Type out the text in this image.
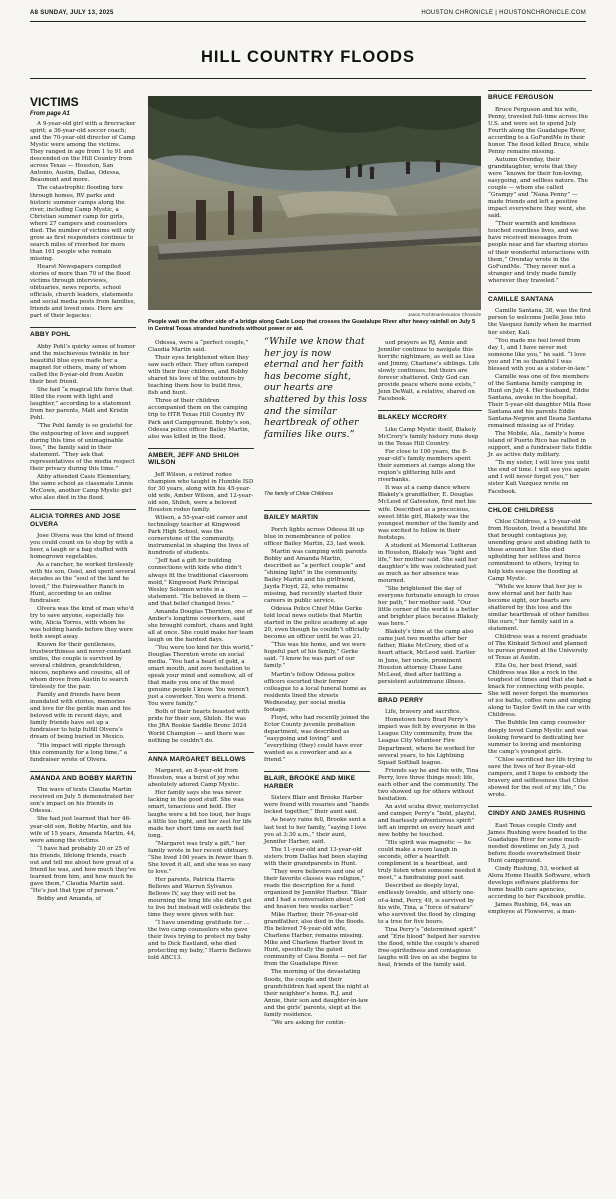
A8 SUNDAY, JULY 13, 2025	HOUSTON CHRONICLE | HOUSTONCHRONICLE.COM
HILL COUNTRY FLOODS
Jason Fochtman/Houston Chronicle
People wait on the other side of a bridge along Cade Loop that crosses the Guadalupe River after heavy rainfall on July 5 in Central Texas stranded hundreds without power or aid.
VICTIMS
From page A1

A 9-year-old girl with a firecracker spirit; a 36-year-old soccer coach; and the 70-year-old director of Camp Mystic were among the victims. They ranged in age from 1 to 91 and descended on the Hill Country from across Texas — Houston, San Antonio, Austin, Dallas, Odessa, Beaumont and more.

The catastrophic flooding tore through homes, RV parks and historic summer camps along the river, including Camp Mystic, a Christian summer camp for girls, where 27 campers and counselors died. The number of victims will only grow as first responders continue to search miles of riverbed for more than 161 people who remain missing.

Hearst Newspapers compiled stories of more than 70 of the flood victims through interviews, obituaries, news reports, school officials, church leaders, statements and social media posts from families, friends and loved ones. Here are part of their legacies:

ABBY POHL

Abby Pohl’s quirky sense of humor and the mischievous twinkle in her beautiful blue eyes made her a magnet for others, many of whom called the 8-year-old from Austin their best friend.

She had “a magical life force that filled the room with light and laughter,” according to a statement from her parents, Matt and Kristin Pohl.

“The Pohl family is so grateful for the outpouring of love and support during this time of unimaginable loss,” the family said in their statement. “They ask that representatives of the media respect their privacy during this time.”

Abby attended Casis Elementary, the same school as classmate Linnie McCown, another Camp Mystic girl who also died in the flood.

ALICIA TORRES AND JOSE OLVERA

Jose Olvera was the kind of friend you could count on to stop by with a beer, a laugh or a bag stuffed with homegrown vegetables.

As a rancher, he worked tirelessly with his son, Osiel, and spent several decades as the “soul of the land he loved,” the Fairweather Ranch in Hunt, according to an online fundraiser.

Olvera was the kind of man who’d try to save anyone, especially his wife, Alicia Torres, with whom he was holding hands before they were both swept away.

Known for their gentleness, trustworthiness and never-constant smiles, the couple is survived by several children, grandchildren, nieces, nephews and cousins, all of whom drove from Austin to search tirelessly for the pair.

Family and friends have been inundated with stories, memories and love for the gentle man and his beloved wife in recent days, and family friends have set up a fundraiser to help fulfill Olvera’s dream of being buried in Mexico.

“His impact will ripple through this community for a long time,” a fundraiser wrote of Olvera.

AMANDA AND BOBBY MARTIN

The wave of texts Claudia Martin received on July 5 demonstrated her son’s impact on his friends in Odessa.

She had just learned that her 46-year-old son, Bobby Martin, and his wife of 15 years, Amanda Martin, 44, were among the victims.

“I have had probably 20 or 25 of his friends, lifelong friends, reach out and tell me about how great of a friend he was, and how much they’ve learned from him, and how much he gave them,” Claudia Martin said. “He’s just that type of person.”

Bobby and Amanda, of

Odessa, were a “perfect couple,” Claudia Martin said.

Their eyes brightened when they saw each other. They often camped with their four children, and Bobby shared his love of the outdoors by teaching them how to build fires, fish and hunt.

Three of their children accompanied them on the camping trip to HTR Texas Hill Country RV Park and Campground. Bobby’s son, Odessa police officer Bailey Martin, also was killed in the flood.

AMBER, JEFF AND SHILOH WILSON

Jeff Wilson, a retired rodeo champion who taught in Humble ISD for 30 years, along with his 45-year-old wife, Amber Wilson, and 12-year-old son, Shiloh, were a beloved Houston rodeo family.

Wilson, a 55-year-old career and technology teacher at Kingwood Park High School, was the cornerstone of the community, instrumental in shaping the lives of hundreds of students.

“Jeff had a gift for building connections with kids who didn’t always fit the traditional classroom mold,” Kingwood Park Principal Wesley Solomon wrote in a statement. “He believed in them — and that belief changed lives.”

Amanda Douglas Thornton, one of Amber’s longtime coworkers, said she brought comfort, chaos and light all at once. She could make her team laugh on the hardest days.

“You were too kind for this world,” Douglas Thornton wrote on social media. “You had a heart of gold, a smart mouth, and zero hesitation to speak your mind and somehow, all of that made you one of the most genuine people I know. You weren’t just a coworker. You were a friend. You were family.”

Both of their hearts boasted with pride for their son, Shiloh. He was the JRA Rookie Saddle Bronc 2024 World Champion — and there was nothing he couldn’t do.

ANNA MARGARET BELLOWS

Margaret, an 8-year-old from Houston, was a burst of joy who absolutely adored Camp Mystic.

Her family says she was never lacking in the good stuff. She was smart, tenacious and bold. Her laughs were a bit too loud, her hugs a little too tight, and her zest for life made her short time on earth feel long.

“Margaret was truly a gift,” her family wrote in her recent obituary. “She lived 100 years in fewer than 9. She loved it all, and she was so easy to love.”

Her parents, Patricia Harris Bellows and Warren Sylvanus Bellows IV, say they will not be mourning the long life she didn’t get to live but instead will celebrate the time they were given with her.

“I have unending gratitude for … the two camp counselors who gave their lives trying to protect my baby and to Dick Eastland, who died protecting my baby,” Harris Bellows told ABC13.

“While we know that her joy is now eternal and her faith has become sight, our hearts are shattered by this loss and the similar heartbreak of other families like ours.”
The family of Chloe Childress
BAILEY MARTIN

Porch lights across Odessa lit up blue in remembrance of police officer Bailey Martin, 23, last week.

Martin was camping with parents Bobby and Amanda Martin, described as “a perfect couple” and “shining light” in the community. Bailey Martin and his girlfriend, Jayda Floyd, 22, who remains missing, had recently started their careers in public service.

Odessa Police Chief Mike Gerke told local news outlets that Martin started in the police academy at age 20, even though he couldn’t officially become an officer until he was 21.

“This was his home, and we were hopeful part of his family,” Gerke said. “I know he was part of our family.”

Martin’s fellow Odessa police officers escorted their former colleague to a local funeral home as residents lined the streets Wednesday, per social media footage.

Floyd, who had recently joined the Ector County juvenile probation department, was described as “easygoing and loving” and “everything (they) could have ever wanted as a coworker and as a friend.”

BLAIR, BROOKE AND MIKE HARBER

Sisters Blair and Brooke Harber were found with rosaries and “hands locked together,” their aunt said.

As heavy rains fell, Brooke sent a last text to her family, “saying I love you at 3:30 a.m.,” their aunt, Jennifer Harber, said.

The 11-year-old and 13-year-old sisters from Dallas had been staying with their grandparents in Hunt.

“They were believers and one of their favorite classes was religion,” reads the description for a fund organized by Jennifer Harber. “Blair and I had a conversation about God and heaven two weeks earlier.”

Mike Harber, their 76-year-old grandfather, also died in the floods. His beloved 74-year-old wife, Charlene Harber, remains missing. Mike and Charlene Harber lived in Hunt, specifically the gated community of Casa Bonita — not far from the Guadalupe River.

The morning of the devastating floods, the couple and their grandchildren had spent the night at their neighbor’s home. R.J. and Annie, their son and daughter-in-law and the girls’ parents, slept at the family residence.

“We are asking for contin-

ued prayers as RJ, Annie and Jennifer continue to navigate this horrific nightmare, as well as Lisa and Jimmy, Charlene’s siblings. Life slowly continues, but theirs are forever shattered. Only God can provide peace where none exists,” Jenn DeWalt, a relative, shared on Facebook.

BLAKELY MCCRORY

Like Camp Mystic itself, Blakely McCrory’s family history runs deep in the Texas Hill Country.

For close to 100 years, the 8-year-old’s family members spent their summers at camps along the region’s glittering hills and riverbanks.

It was at a camp dance where Blakely’s grandfather, E. Douglas McLeod of Galveston, first met his wife. Described as a precocious, sweet little girl, Blakely was the youngest member of the family and was excited to follow in their footsteps.

A student at Memorial Lutheran in Houston, Blakely was “light and life,” her mother said. She said her daughter’s life was celebrated just as much as her absence was mourned.

“She brightened the day of everyone fortunate enough to cross her path,” her mother said. “Our little corner of the world is a better and brighter place because Blakely was here.”

Blakely’s time at the camp also came just two months after her father, Blake McCrory, died of a heart attack, McLeod said. Earlier in June, her uncle, prominent Houston attorney Chase Lane McLeod, died after battling a persistent autoimmune illness.

BRAD PERRY

Life, bravery and sacrifice.

Hometown hero Brad Perry’s impact was felt by everyone in the League City community, from the League City Volunteer Fire Department, where he worked for several years, to his Lightning Squad Softball league.

Friends say he and his wife, Tina Perry, love three things most: life, each other and the community. The two showed up for others without hesitation.

An avid scuba diver, motorcyclist and camper, Perry’s “bold, playful, and fearlessly adventurous spirit” left an imprint on every heart and new hobby he touched.

“His spirit was magnetic — he could make a room laugh in seconds, offer a heartfelt compliment in a heartbeat, and truly listen when someone needed it most,” a fundraising post said.

Described as deeply loyal, endlessly lovable, and utterly one-of-a-kind, Perry, 49, is survived by his wife, Tina, a “force of nature” who survived the flood by clinging to a tree for five hours.

Tina Perry’s “determined spirit” and “Erie blood” helped her survive the flood, while the couple’s shared free-spiritedness and contagious laughs will live on as she begins to heal, friends of the family said.

BRUCE FERGUSON

Bruce Ferguson and his wife, Penny, traveled full-time across the U.S. and were set to spend July Fourth along the Guadalupe River, according to a GoFundMe in their honor. The flood killed Bruce, while Penny remains missing.

Autumn Orenday, their granddaughter, wrote that they were “known for their fun-loving, easygoing, and selfless nature. The couple — whom she called “Grampy” and “Nana Penny” — made friends and left a positive impact everywhere they went, she said.

“Their warmth and kindness touched countless lives, and we have received messages from people near and far sharing stories of their wonderful interactions with them,” Orenday wrote in the GoFundMe. “They never met a stranger and truly made family wherever they traveled.”

CAMILLE SANTANA

Camille Santana, 38, was the first person to welcome Joelle Jose into the Vasquez family when he married her sister, Kali.

“You made me feel loved from day 1, and I have never met someone like you,” he said. “I love you and I’m so thankful I was blessed with you as a sister-in-law.”

Camille was one of five members of the Santana family camping in Hunt on July 4. Her husband, Eddie Santana, awoke in the hospital. Their 5-year-old daughter Mila Rose Santana and his parents Eddie Santana-Negron and Ileana Santana remained missing as of Friday.

The Mobile, Ala., family’s home island of Puerto Rico has rallied in support, and a fundraiser lists Eddie Jr. as active duty military.

“To my sister, I will love you until the end of time. I will see you again and I will never forget you,” her sister Kali Vazquez wrote on Facebook.

CHLOE CHILDRESS

Chloe Childress, a 19-year-old from Houston, lived a beautiful life that brought contagious joy, unending grace and abiding faith to those around her. She died upholding her selfless and fierce commitment to others, trying to help kids escape the flooding at Camp Mystic.

“While we know that her joy is now eternal and her faith has become sight, our hearts are shattered by this loss and the similar heartbreak of other families like ours,” her family said in a statement.

Childress was a recent graduate of The Kinkaid School and planned to pursue premed at the University of Texas at Austin.

Ella Ou, her best friend, said Childress was like a rock in the toughest of times and that she had a knack for connecting with people. She will never forget the memories of ice baths, coffee runs and singing along to Taylor Swift in the car with Childress.

The Bubble Inn camp counselor deeply loved Camp Mystic and was looking forward to dedicating her summer to loving and mentoring the camp’s youngest girls.

“Chloe sacrificed her life trying to save the lives of her 8-year-old campers, and I hope to embody the bravery and selflessness that Chloe showed for the rest of my life,” Ou wrote.

CINDY AND JAMES RUSHING

East Texas couple Cindy and James Rushing were headed to the Guadalupe River for some much-needed downtime on July 3, just before floods overwhelmed their Hunt campground.

Cindy Rushing, 53, worked at Alora Home Health Software, which develops software platforms for home health care agencies, according to her Facebook profile.

James Rushing, 64, was an employee at Flowserve, a man-
